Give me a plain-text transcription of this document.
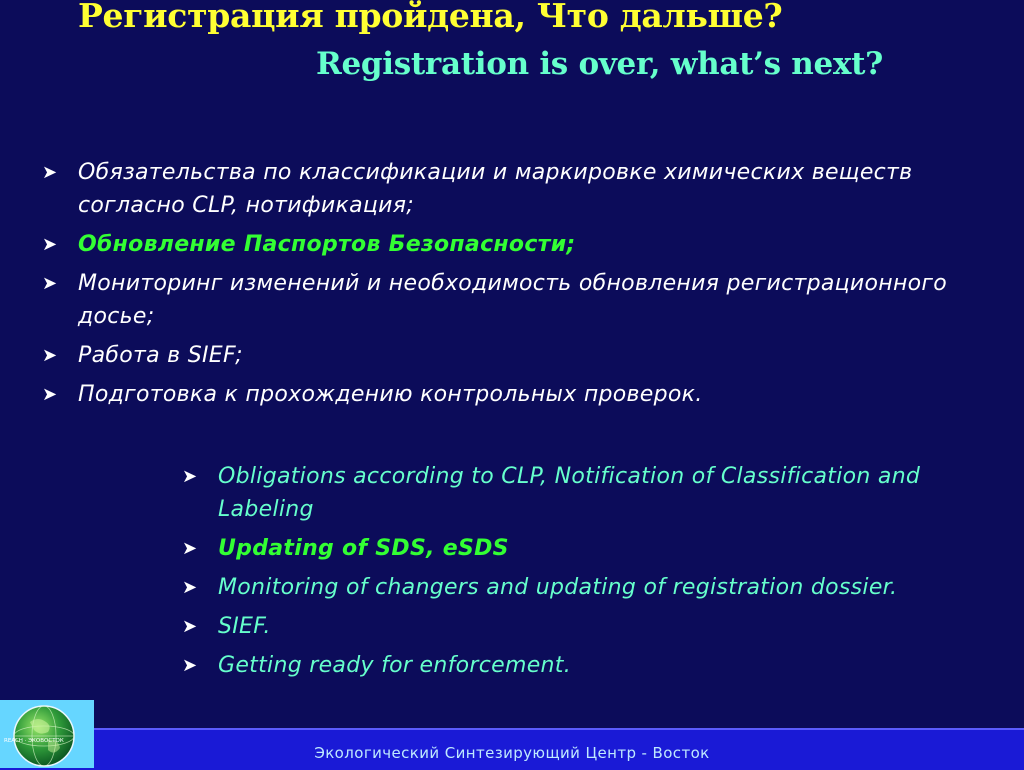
Регистрация пройдена, Что дальше?
Registration is over, what’s next?
➤ Обязательства по классификации и маркировке химических веществ согласно CLP, нотификация;
➤ Обновление Паспортов Безопасности;
➤ Мониторинг изменений и необходимость обновления регистрационного досье;
➤ Работа в SIEF;
➤ Подготовка к прохождению контрольных проверок.
➤ Obligations according to CLP, Notification of Classification and Labeling
➤ Updating of SDS, eSDS
➤ Monitoring of changers and updating of registration dossier.
➤ SIEF.
➤ Getting ready for enforcement.
Экологический Синтезирующий Центр - Восток
REACH · ЭКОВОСТОК
